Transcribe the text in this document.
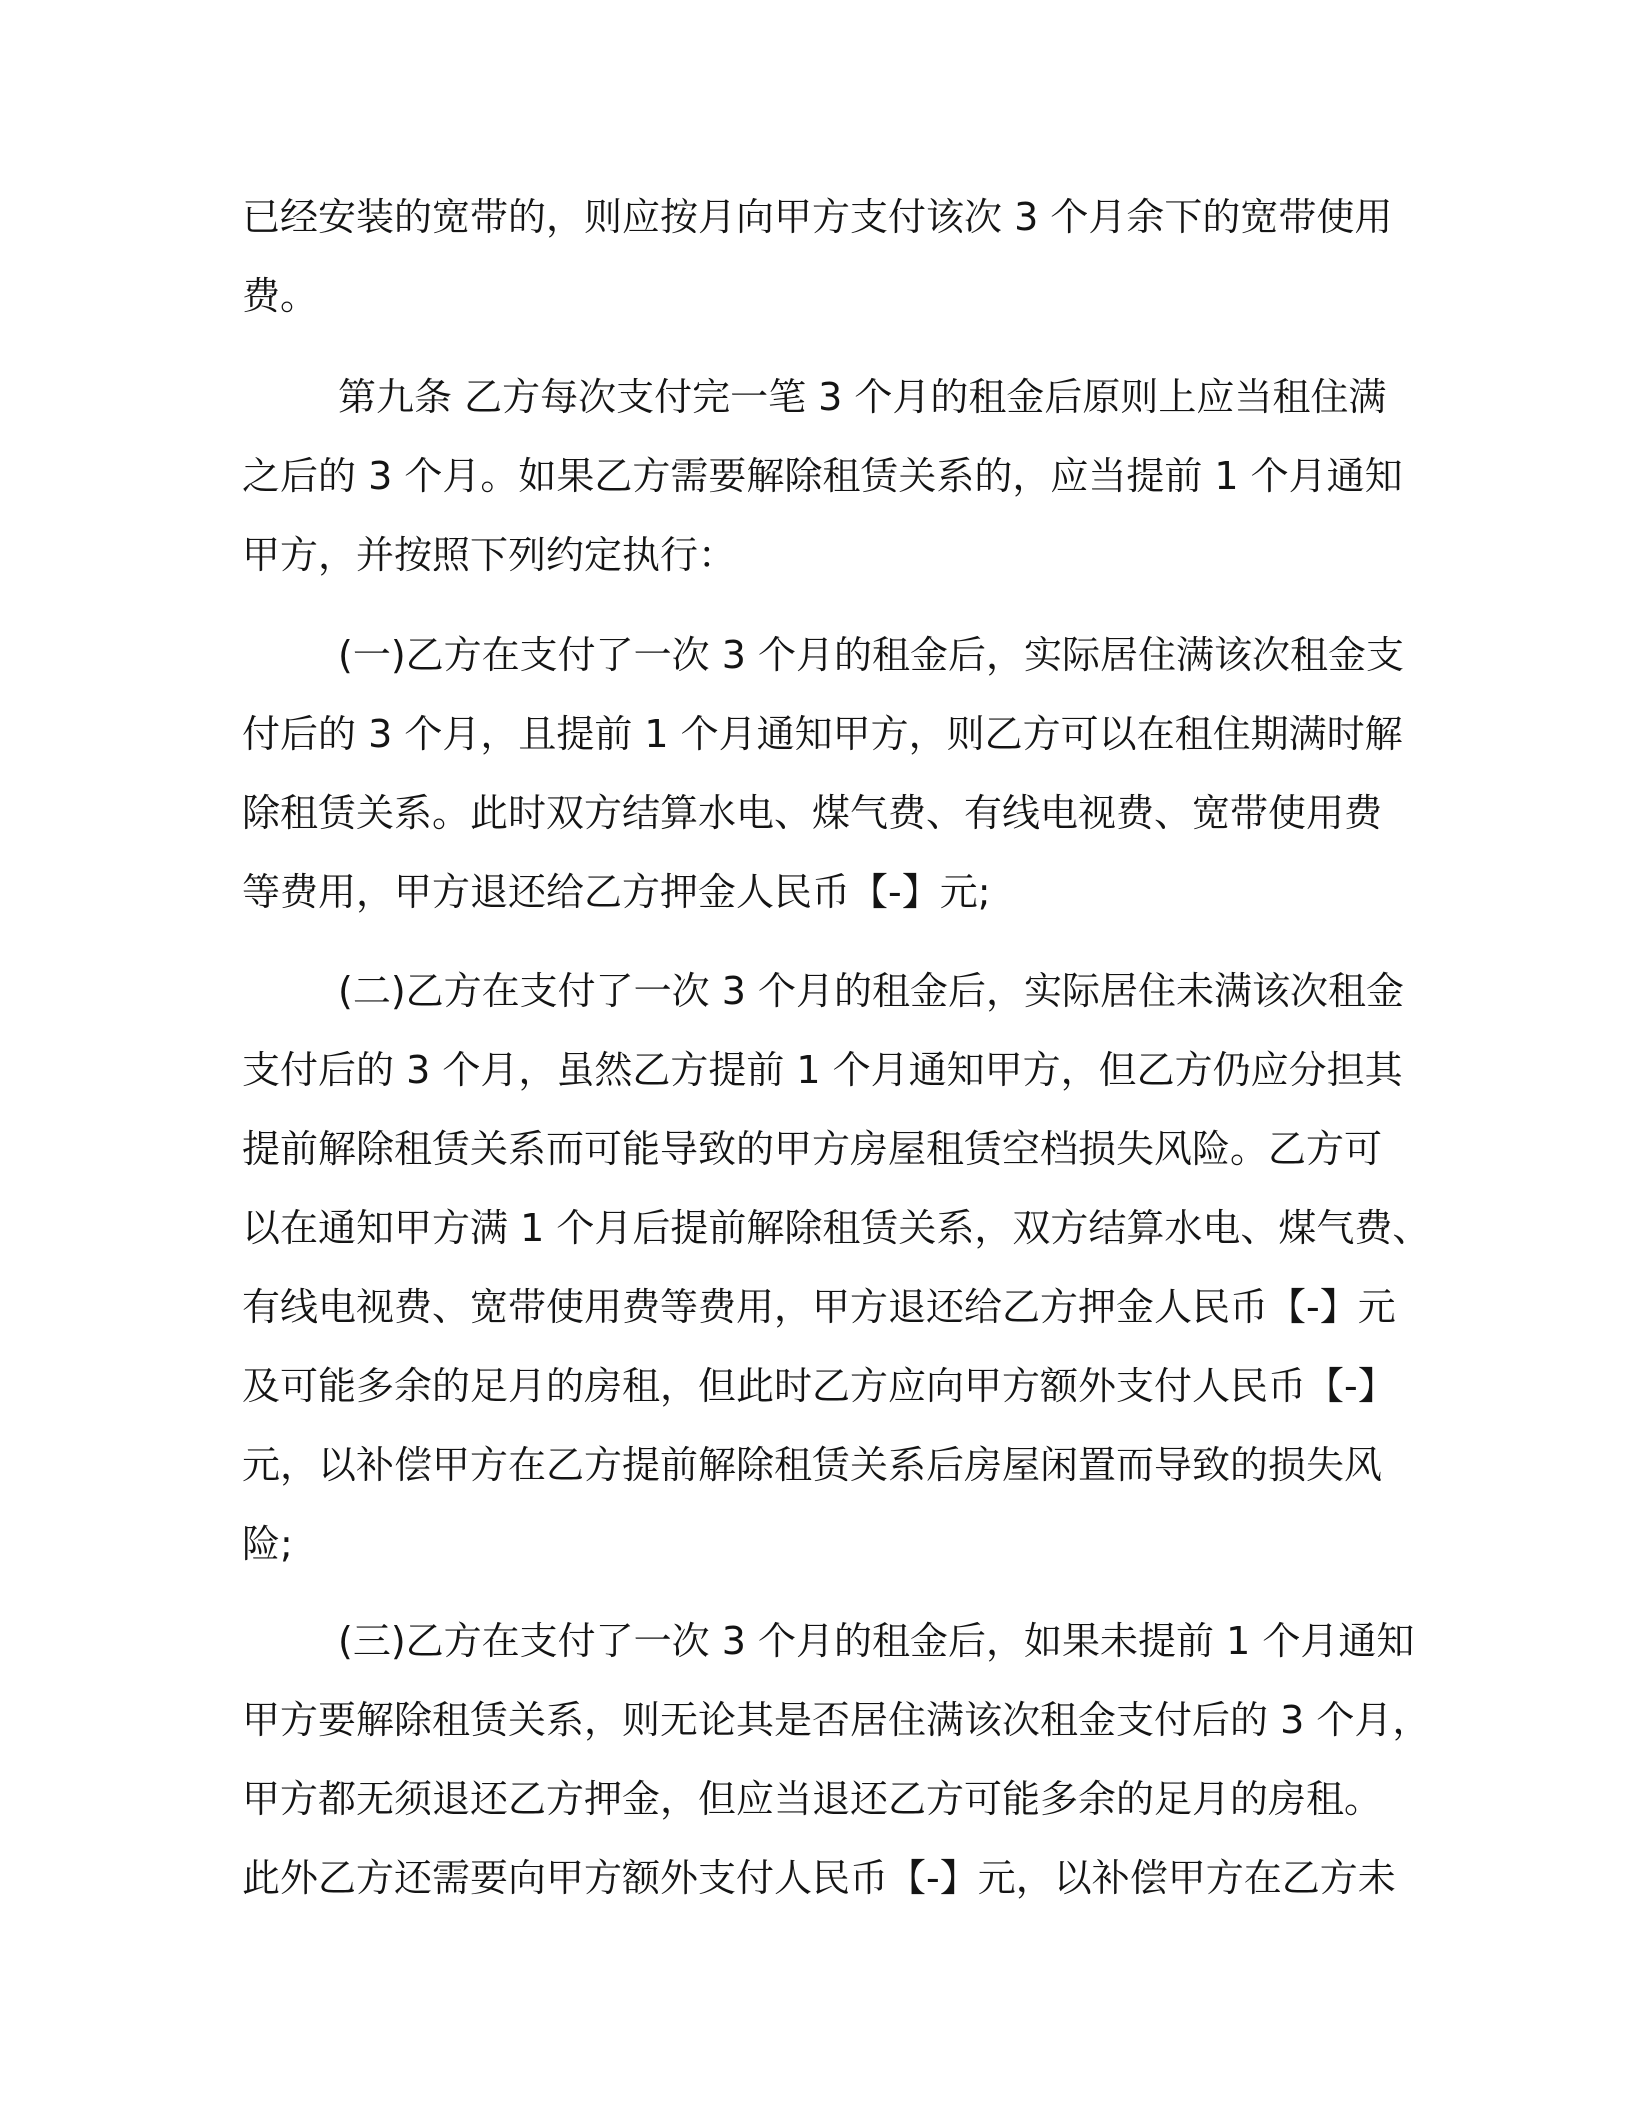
已经安装的宽带的，则应按月向甲方支付该次 3 个月余下的宽带使用
费。
第九条 乙方每次支付完一笔 3 个月的租金后原则上应当租住满
之后的 3 个月。如果乙方需要解除租赁关系的，应当提前 1 个月通知
甲方，并按照下列约定执行：
(一)乙方在支付了一次 3 个月的租金后，实际居住满该次租金支
付后的 3 个月，且提前 1 个月通知甲方，则乙方可以在租住期满时解
除租赁关系。此时双方结算水电、煤气费、有线电视费、宽带使用费
等费用，甲方退还给乙方押金人民币【-】元;
(二)乙方在支付了一次 3 个月的租金后，实际居住未满该次租金
支付后的 3 个月，虽然乙方提前 1 个月通知甲方，但乙方仍应分担其
提前解除租赁关系而可能导致的甲方房屋租赁空档损失风险。乙方可
以在通知甲方满 1 个月后提前解除租赁关系，双方结算水电、煤气费、
有线电视费、宽带使用费等费用，甲方退还给乙方押金人民币【-】元
及可能多余的足月的房租，但此时乙方应向甲方额外支付人民币【-】
元，以补偿甲方在乙方提前解除租赁关系后房屋闲置而导致的损失风
险;
(三)乙方在支付了一次 3 个月的租金后，如果未提前 1 个月通知
甲方要解除租赁关系，则无论其是否居住满该次租金支付后的 3 个月，
甲方都无须退还乙方押金，但应当退还乙方可能多余的足月的房租。
此外乙方还需要向甲方额外支付人民币【-】元，以补偿甲方在乙方未
